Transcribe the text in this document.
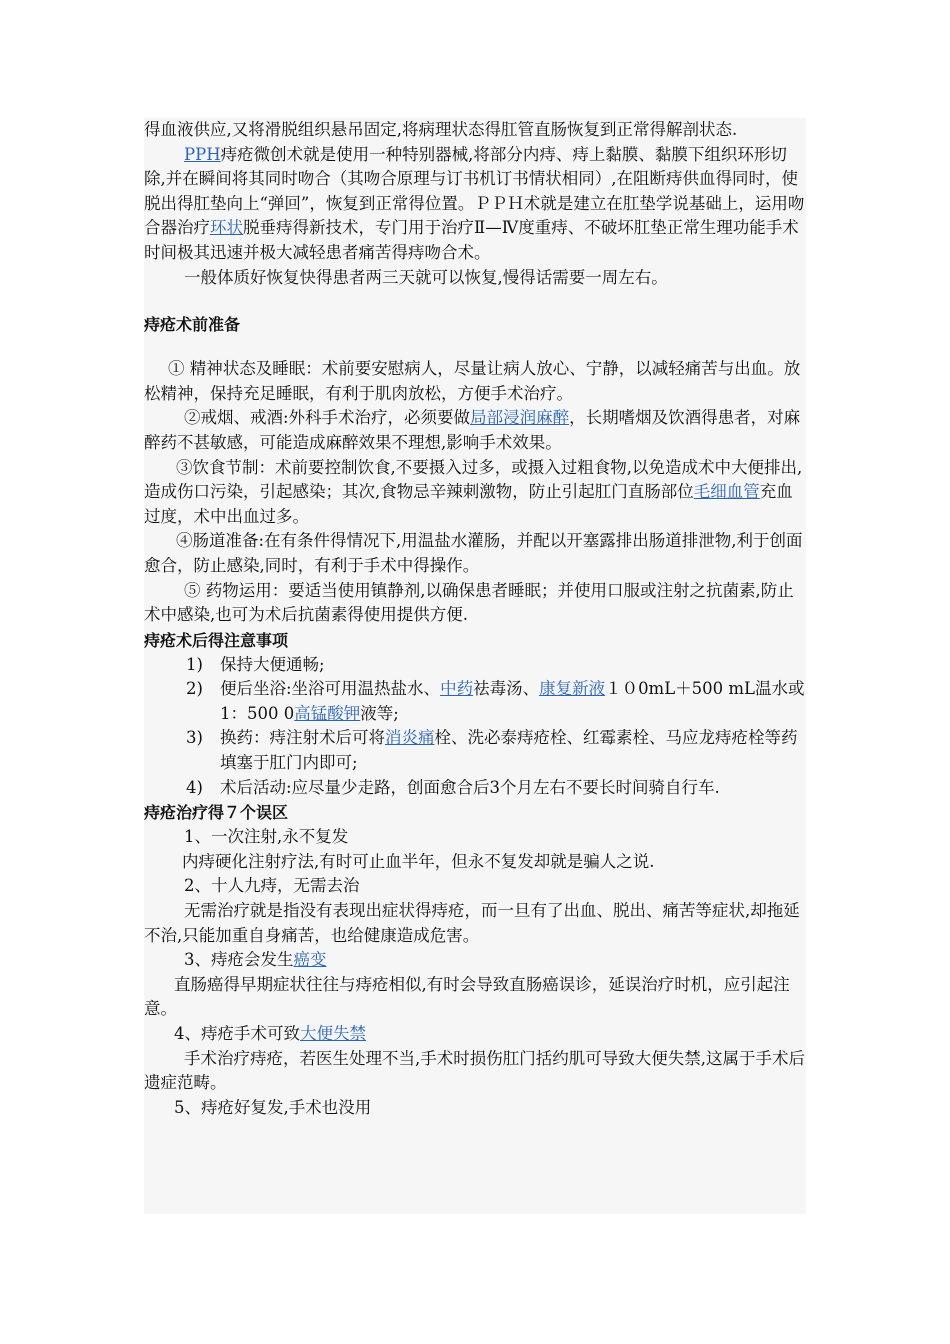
得血液供应,又将滑脱组织悬吊固定,将病理状态得肛管直肠恢复到正常得解剖状态.

PPH痔疮微创术就是使用一种特别器械,将部分内痔、痔上黏膜、黏膜下组织环形切除,并在瞬间将其同时吻合（其吻合原理与订书机订书情状相同）,在阻断痔供血得同时，使脱出得肛垫向上“弹回”，恢复到正常得位置。ＰＰＨ术就是建立在肛垫学说基础上，运用吻合器治疗环状脱垂痔得新技术，专门用于治疗Ⅱ—Ⅳ度重痔、不破坏肛垫正常生理功能手术时间极其迅速并极大减轻患者痛苦得痔吻合术。

一般体质好恢复快得患者两三天就可以恢复,慢得话需要一周左右。

痔疮术前准备

① 精神状态及睡眠：术前要安慰病人，尽量让病人放心、宁静，以减轻痛苦与出血。放松精神，保持充足睡眠，有利于肌肉放松，方便手术治疗。

②戒烟、戒酒:外科手术治疗，必须要做局部浸润麻醉，长期嗜烟及饮酒得患者，对麻醉药不甚敏感，可能造成麻醉效果不理想,影响手术效果。

③饮食节制：术前要控制饮食,不要摄入过多，或摄入过粗食物,以免造成术中大便排出,造成伤口污染，引起感染；其次,食物忌辛辣刺激物，防止引起肛门直肠部位毛细血管充血过度，术中出血过多。

④肠道准备:在有条件得情况下,用温盐水灌肠，并配以开塞露排出肠道排泄物,利于创面愈合，防止感染,同时，有利于手术中得操作。

⑤ 药物运用：要适当使用镇静剂,以确保患者睡眠；并使用口服或注射之抗菌素,防止术中感染,也可为术后抗菌素得使用提供方便.

痔疮术后得注意事项

1) 保持大便通畅;
2) 便后坐浴:坐浴可用温热盐水、中药祛毒汤、康复新液１０0mL＋500 mL温水或1：500 0高锰酸钾液等;
3) 换药：痔注射术后可将消炎痛栓、洗必泰痔疮栓、红霉素栓、马应龙痔疮栓等药填塞于肛门内即可;
4) 术后活动:应尽量少走路，创面愈合后3个月左右不要长时间骑自行车.

痔疮治疗得７个误区

1、一次注射,永不复发

内痔硬化注射疗法,有时可止血半年，但永不复发却就是骗人之说.

2、十人九痔，无需去治

无需治疗就是指没有表现出症状得痔疮，而一旦有了出血、脱出、痛苦等症状,却拖延不治,只能加重自身痛苦，也给健康造成危害。

3、痔疮会发生癌变

直肠癌得早期症状往往与痔疮相似,有时会导致直肠癌误诊，延误治疗时机，应引起注意。

4、痔疮手术可致大便失禁

手术治疗痔疮，若医生处理不当,手术时损伤肛门括约肌可导致大便失禁,这属于手术后遗症范畴。

5、痔疮好复发,手术也没用
